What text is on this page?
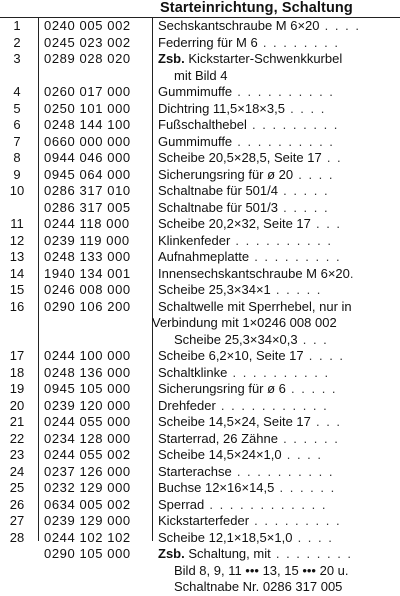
Starteinrichtung, Schaltung
1	0240 005 002	Sechskantschraube M 6×20 . . . .
2	0245 023 002	Federring für M 6 . . . . . . . .
3	0289 028 020	Zsb. Kickstarter-Schwenkkurbel
mit Bild 4
4	0260 017 000	Gummimuffe . . . . . . . . . .
5	0250 101 000	Dichtring 11,5×18×3,5 . . . .
6	0248 144 100	Fußschalthebel . . . . . . . . .
7	0660 000 000	Gummimuffe . . . . . . . . . .
8	0944 046 000	Scheibe 20,5×28,5, Seite 17 . .
9	0945 064 000	Sicherungsring für ø 20 . . . .
10	0286 317 010	Schaltnabe für 501/4 . . . . .
0286 317 005	Schaltnabe für 501/3 . . . . .
11	0244 118 000	Scheibe 20,2×32, Seite 17 . . .
12	0239 119 000	Klinkenfeder . . . . . . . . . .
13	0248 133 000	Aufnahmeplatte . . . . . . . . .
14	1940 134 001	Innensechskantschraube M 6×20.
15	0246 008 000	Scheibe 25,3×34×1 . . . . .
16	0290 106 200	Schaltwelle mit Sperrhebel, nur in
Verbindung mit 1×0246 008 002
Scheibe 25,3×34×0,3 . . .
17	0244 100 000	Scheibe 6,2×10, Seite 17 . . . .
18	0248 136 000	Schaltklinke . . . . . . . . . .
19	0945 105 000	Sicherungsring für ø 6 . . . . .
20	0239 120 000	Drehfeder . . . . . . . . . . .
21	0244 055 000	Scheibe 14,5×24, Seite 17 . . .
22	0234 128 000	Starterrad, 26 Zähne . . . . . .
23	0244 055 002	Scheibe 14,5×24×1,0 . . . .
24	0237 126 000	Starterachse . . . . . . . . . .
25	0232 129 000	Buchse 12×16×14,5 . . . . . .
26	0634 005 002	Sperrad . . . . . . . . . . . .
27	0239 129 000	Kickstarterfeder . . . . . . . . .
28	0244 102 102	Scheibe 12,1×18,5×1,0 . . . .
0290 105 000	Zsb. Schaltung, mit . . . . . . . .
Bild 8, 9, 11 ••• 13, 15 ••• 20 u.
Schaltnabe Nr. 0286 317 005
